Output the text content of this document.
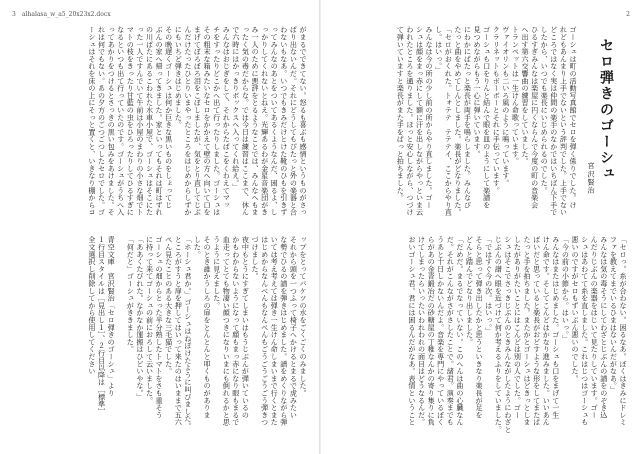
3 alhalasa_w_a5_20x23x2.docx
がまるでできてない。怒るも喜ぶも感情というものがさっ
ぱり出ないんだ。それにどうしてもぴたっと外の楽器と合
わないもなあ。いつでもきみだけとけた靴のひもを引きず
ってみんなのあとをついてあるくようなんだ、困るよ、し
っかりしてくれないとねえ。光輝あるわが金星音楽団がき
み一人のために悪評をとるようなことでは、みんなへもま
ったく気の毒だからな。では今日は練習はここまで、休ん
で六時にはかっきりボックスへ入ってくれ給え。」
みんなはおじぎをして、それからたばこをくわえてマッ
チをすったりどこかへ出て行ったりしました。ゴーシュは
その粗末な箱みたいなセロをかかえて壁の方へ向いて口を
まげてぼろぼろ泪をこぼしましたが、気をとり直してじぶ
んだけたったひとりいまやったところをはじめからしずか
にもいちど弾きはじめました。
その晩遅くゴーシュは何か巨きな黒いものをしょってじ
ぶんの家へ帰ってきました。家といってもそれは町はずれ
の川ばたにあるこわれた水車小屋で、ゴーシュはそこにた
った一人ですんでいて午前は小屋のまわりの小さな畑でト
マトの枝をきったり甘藍の虫をひろったりしてひるすぎに
なるといつも出て行っていたのです。ゴーシュがうちへ入
ってあかりをつけるとさっきの黒い包みをあけました。そ
れは何でもない。あの夕方のごつごつしたセロでした。ゴ
ーシュはそれを床の上にそっと置くと、いきなり棚からコ
ップをとってバケツの水をごくごくのみました。
それから頭を一つふって椅子へかけるとまるで虎みたい
な勢でひるの譜を弾きはじめました。譜をめくりながら弾
いては考え考えては弾き一生けん命しまいまで行くとまた
はじめからなんべんもなんべんもごうごうごうごう弾きつ
づけました。
夜中もとうにすぎてしまいはもうじぶんが弾いているの
かもわからないようになって顔もまっ赤になり眼もまるで
血走ってとても物凄い顔つきになりいまにも倒れるかと思
うように見えました。
そのとき誰かうしろの扉をとんとんと叩くものがありま
した。
「ホーシュ君か。」ゴーシュはねぼけたように叫びました。
ところがすうと扉を押してはいって来たのはいままで五六
ぺん見たことのある大きな三毛猫でした。
ゴーシュの畑からとった半分熟したトマトをさも重そう
に持って来てゴーシュの前におろして云いました。
「ああくたびれた。なかなか運搬はひどいやな。」
「何だと」ゴーシュがききました。

青空文庫　宮沢賢治「セロ弾きのゴーシュ」より
１行目スタイルは［見出し１］、２行目以降は［標準］
全文選択し削除してから使用してください
2
セロ弾きのゴーシュ
宮沢賢治
ゴーシュは町の活動写真館でセロを弾く係りでした。け
れどもあんまり上手でないという評判でした。上手でない
どころではなく実は仲間の楽手のなかではいちばん下手で
したから、いつでも楽長にいじめられるのでした。
ひるすぎみんなは楽屋に円くならんで今度の町の音楽会
へ出す第六交響曲の練習をしていました。
トランペットは一生けん命歌っています。
ヴァイオリンも二いろ風のように鳴っています。
クラリネットもボーボーとそれに手伝っています。
ゴーシュも口をりんと結んで眼を皿のようにして楽譜を
見つめながらもう一心に弾いています。
にわかにぱたっと楽長が両手を鳴らしました。みんなぴ
たっと曲をやめてしんとしました。楽長がどなりました。
「セロがおくれた。トォテテ　テテテイ、ここからやり直
し。はいっ。」
みんなは今の所の少し前の所からやり直しました。ゴー
シュは顔をまっ赤にして額に汗を出しながらやっといま云
われたところを通りました。ほっと安心しながら、つづけ
て弾いていますと楽長がまた手をぱっと拍ちました。
「セロっ。糸が合わない。困るなあ。ぼくはきみにドレミ
ファを教えてまでいるひまはないんだがなあ。」
みんなは気の毒そうにしてわざとじぶんの譜をのぞき込
んだりじぶんの楽器をはじいて見たりしています。ゴー
シュはあわてて糸を直しました。これはじつはゴーシュも
悪いのですがセロもずいぶん悪いのでした。
「今の前の小節から。はいっ。」
みんなはまたはじめました。ゴーシュも口をまげて一生
けん命です。そしてこんどはかなり進みました。いいあん
ばいだと思っていると楽長がおどすような形をしてまたぱ
たっと手を拍ちました。またかとゴーシュはどきっとしま
したがありがたいことにはこんどは別の人でした。ゴー
シュはそこでさっきじぶんのときみんながしたようにわざと
じぶんの譜へ眼を近づけて何か考えるふりをしていました。
「ではすぐ今の次。はいっ。」
そらと思って弾き出したかと思うといきなり楽長が足を
どんと踏んでどなり出しました。
「だめだ。まるでなっていない。このへんは曲の心臓なん
だ。それがこんながさがさしたことで。諸君。演奏までも
うあと十日しかないんだよ。音楽を専門にやっているぼく
らがあの金沓鍛冶だの砂糖屋の丁稚なんかの寄り集りに負
けてしまったらいったいわれわれの面目はどうなるんだ。
おいゴーシュ君。君には困るんだがなあ。表情ということ
